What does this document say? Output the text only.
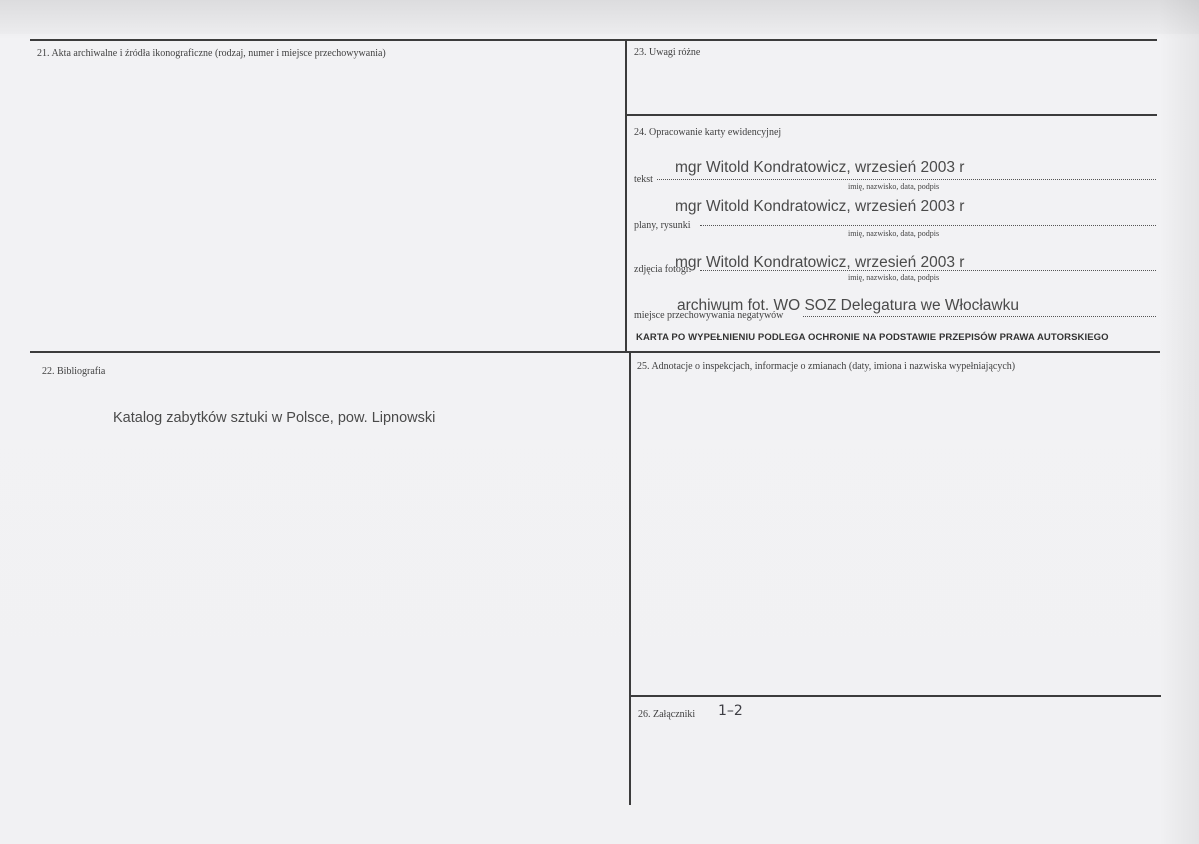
21. Akta archiwalne i źródła ikonograficzne (rodzaj, numer i miejsce przechowywania)	23. Uwagi różne
24. Opracowanie karty ewidencyjnej
mgr Witold Kondratowicz, wrzesień 2003 r
tekst
imię, nazwisko, data, podpis
mgr Witold Kondratowicz, wrzesień 2003 r
plany, rysunki
imię, nazwisko, data, podpis
zdjęcia fotogr.
mgr Witold Kondratowicz, wrzesień 2003 r
imię, nazwisko, data, podpis
archiwum fot. WO SOZ Delegatura we Włocławku
miejsce przechowywania negatywów
KARTA PO WYPEŁNIENIU PODLEGA OCHRONIE NA PODSTAWIE PRZEPISÓW PRAWA AUTORSKIEGO
22. Bibliografia
Katalog zabytków sztuki w Polsce, pow. Lipnowski
25. Adnotacje o inspekcjach, informacje o zmianach (daty, imiona i nazwiska wypełniających)
26. Załączniki 1–2
